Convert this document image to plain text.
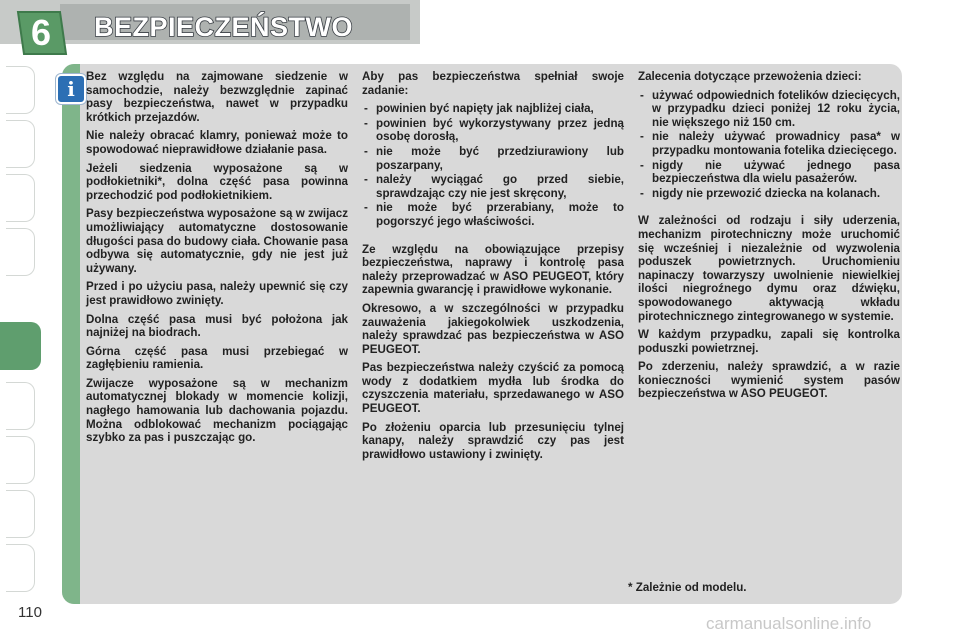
6	BEZPIECZEŃSTWO
i

Bez względu na zajmowane siedzenie w samochodzie, należy bezwzględnie zapinać pasy bezpieczeństwa, nawet w przypadku krótkich przejazdów.

Nie należy obracać klamry, ponieważ może to spowodować nieprawidłowe działanie pasa.

Jeżeli siedzenia wyposażone są w podłokietniki*, dolna część pasa powinna przechodzić pod podłokietnikiem.

Pasy bezpieczeństwa wyposażone są w zwijacz umożliwiający automatyczne dostosowanie długości pasa do budowy ciała. Chowanie pasa odbywa się automatycznie, gdy nie jest już używany.

Przed i po użyciu pasa, należy upewnić się czy jest prawidłowo zwinięty.

Dolna część pasa musi być położona jak najniżej na biodrach.

Górna część pasa musi przebiegać w zagłębieniu ramienia.

Zwijacze wyposażone są w mechanizm automatycznej blokady w momencie kolizji, nagłego hamowania lub dachowania pojazdu. Można odblokować mechanizm pociągając szybko za pas i puszczając go.

Aby pas bezpieczeństwa spełniał swoje zadanie:

- powinien być napięty jak najbliżej ciała,
- powinien być wykorzystywany przez jedną osobę dorosłą,
- nie może być przedziurawiony lub poszarpany,
- należy wyciągać go przed siebie, sprawdzając czy nie jest skręcony,
- nie może być przerabiany, może to pogorszyć jego właściwości.

Ze względu na obowiązujące przepisy bezpieczeństwa, naprawy i kontrolę pasa należy przeprowadzać w ASO PEUGEOT, który zapewnia gwarancję i prawidłowe wykonanie.

Okresowo, a w szczególności w przypadku zauważenia jakiegokolwiek uszkodzenia, należy sprawdzać pas bezpieczeństwa w ASO PEUGEOT.

Pas bezpieczeństwa należy czyścić za pomocą wody z dodatkiem mydła lub środka do czyszczenia materiału, sprzedawanego w ASO PEUGEOT.

Po złożeniu oparcia lub przesunięciu tylnej kanapy, należy sprawdzić czy pas jest prawidłowo ustawiony i zwinięty.

Zalecenia dotyczące przewożenia dzieci:

- używać odpowiednich fotelików dziecięcych, w przypadku dzieci poniżej 12 roku życia, nie większego niż 150 cm.
- nie należy używać prowadnicy pasa* w przypadku montowania fotelika dziecięcego.
- nigdy nie używać jednego pasa bezpieczeństwa dla wielu pasażerów.
- nigdy nie przewozić dziecka na kolanach.

W zależności od rodzaju i siły uderzenia, mechanizm pirotechniczny może uruchomić się wcześniej i niezależnie od wyzwolenia poduszek powietrznych. Uruchomieniu napinaczy towarzyszy uwolnienie niewielkiej ilości niegroźnego dymu oraz dźwięku, spowodowanego aktywacją wkładu pirotechnicznego zintegrowanego w systemie.

W każdym przypadku, zapali się kontrolka poduszki powietrznej.

Po zderzeniu, należy sprawdzić, a w razie konieczności wymienić system pasów bezpieczeństwa w ASO PEUGEOT.

* Zależnie od modelu.
110
carmanualsonline.info
